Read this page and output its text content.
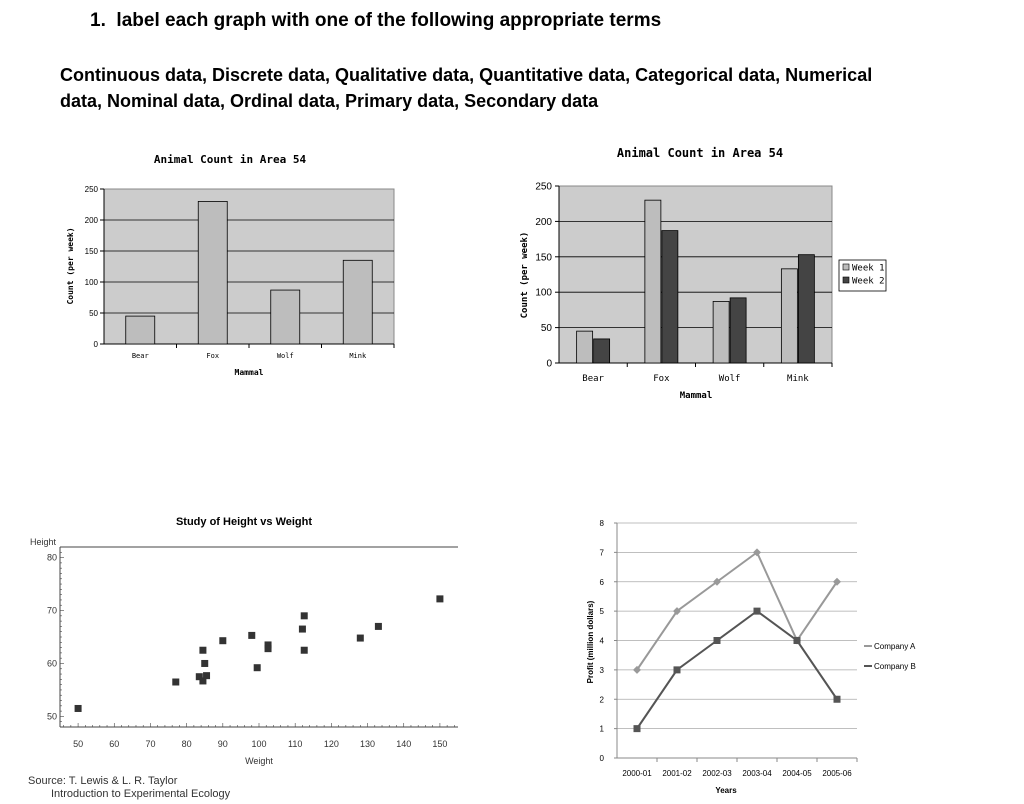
1. label each graph with one of the following appropriate terms
Continuous data, Discrete data, Qualitative data, Quantitative data, Categorical data, Numerical
data, Nominal data, Ordinal data, Primary data, Secondary data
Animal Count in Area 54
0
50
100
150
200
250
Bear	Fox	Wolf	Mink
Mammal
Count (per week)
Animal Count in Area 54
0
50
100
150
200
250
Bear	Fox	Wolf	Mink
Mammal
Count (per week)	Week 1
Week 2
Study of Height vs Weight
Height
50
60
70
80
50	60	70	80	90	100 110 120 130 140 150
Weight
Source: T. Lewis & L. R. Taylor
Introduction to Experimental Ecology
0
1
2
3
4
5
6
7
8
2000-01 2001-02 2002-03 2003-04 2004-05 2005-06
Years
Profit (million dollars)	Company A
Company B
